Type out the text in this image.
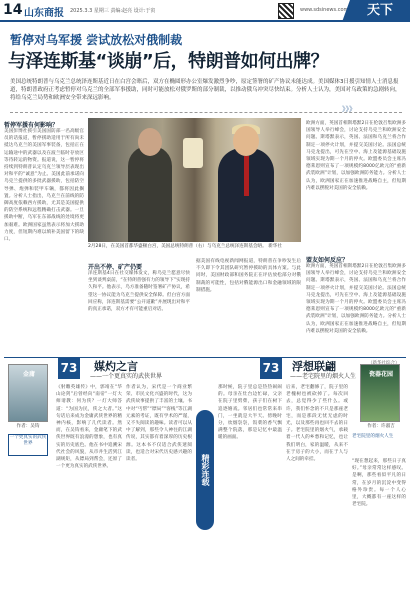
14 山东商报 2025.3.3 星期三 责编:赵亮 设计:于寅	www.sdsinews.com	天下
暂停对乌军援 尝试放松对俄制裁
与泽连斯基“谈崩”后，特朗普如何出牌？
美国总统特朗普与乌克兰总统泽连斯基近日在白宫会晤后，双方在椭圆形办公室爆发激烈争吵，原定签署的矿产协议未能达成。美国媒体3日援引知情人士消息报道，特朗普政府正考虑暂停对乌克兰的全部军事援助，同时可能放松对俄罗斯的部分制裁，以推动俄乌冲突尽快结束。分析人士认为，美国对乌政策的急剧转向，将给乌克兰局势和欧洲安全带来深远影响。
》》》
暂停军援有何影响？
美国彭博社援引美国国防部一名高级官员的话报道，暂停援助适用于所有尚未抵达乌克兰的美国军事装备，包括正在运输途中的武器以及在波兰临时存放区等待转运的物资。报道说，这一暂停将持续到特朗普认定乌克兰领导层表现出对和平的“诚意”为止。美国此前承诺向乌克兰提供的多批武器援助，包括防空导弹、炮弹和装甲车辆，都将因此搁置。分析人士指出，乌克兰在前线的防御高度依赖西方援助，尤其是美国提供的防空系统和远程精确打击武器。一旦援助中断，乌军在东部战线的处境将更加艰难。欧洲国家虽然表示将加大援助力度，但短期内难以填补美国留下的缺口。
2月28日，在美国首都华盛顿白宫，美国总统特朗普（右）与乌克兰总统泽连斯基会晤。 新华社
开出不停、矿产仍要
泽连斯基4日在社交媒体发文，称乌克兰愿意尽快坐到谈判桌前，“在特朗普强有力的领导下”实现持久和平。他表示，乌方准备随时签署矿产协议，希望这一协议能为乌克兰提供安全保障。但白宫方面回应称，泽连斯基需要“公开道歉”并展现出对和平的真正承诺，双方才有可能重启对话。
据美国有线电视新闻网报道，特朗普在争吵发生后不久即下令其团队研究暂停援助的具体方案。与此同时，美国财政部和国务院正在评估放松部分对俄制裁的可能性，包括对俄能源出口和金融领域的限制措施。
欧洲方面，英国首相斯塔默2日在伦敦召集欧洲多国领导人举行峰会，讨论支持乌克兰和欧洲安全问题。斯塔默表示，英国、法国和乌克兰将合作制定一项停火计划，并提交美国讨论。法国总统马克龙提出，可先在空中、海上及能源基础设施领域实现为期一个月的停火。欧盟委员会主席冯德莱恩则宣布了一项规模约8000亿欧元的“重新武装欧洲”计划，以加强欧洲防务能力。分析人士认为，欧洲国家正在加速推进战略自主，但短期内难以摆脱对美国的安全依赖。
盟友如何反应？
欧洲方面，英国首相斯塔默2日在伦敦召集欧洲多国领导人举行峰会，讨论支持乌克兰和欧洲安全问题。斯塔默表示，英国、法国和乌克兰将合作制定一项停火计划，并提交美国讨论。法国总统马克龙提出，可先在空中、海上及能源基础设施领域实现为期一个月的停火。欧盟委员会主席冯德莱恩则宣布了一项规模约8000亿欧元的“重新武装欧洲”计划，以加强欧洲防务能力。分析人士认为，欧洲国家正在加速推进战略自主，但短期内难以摆脱对美国的安全依赖。
金庸
作者：吴钩
一个更真实的武侠世界
73 媒灼之言
——一个更真实的武侠世界
《射雕英雄传》中，郭靖在“华山论剑”后曾经向“南帝”一灯大师请教：何为侠？一灯大师答道：“为国为民，侠之大者。”这句话后来成为金庸武侠世界的精神内核，影响了几代读者。然而，在吴钩看来，金庸笔下的武侠世界既有浪漫的想象，也有真实的历史底色。他在书中追溯宋代社会的风貌，从市井生活到江湖规矩，从镖局到帮会，还原了一个更为真实的武侠世界。
作者认为，宋代是一个商业繁荣、市民文化兴盛的时代，这为武侠故事提供了丰富的土壤。书中对“丐帮”“镖局”“客栈”等江湖元素的考证，既有学术的严谨，又不失阅读的趣味。读者可以从中了解到，那些令人神往的江湖传说，其实都有着深厚的历史根源。这本书不仅适合武侠迷阅读，也适合对宋代历史感兴趣的读者。	精彩连载
73 浮想联翩
——老宅院里的烟火人生
那时候，院子里总是热热闹闹的。母亲在灶台边忙碌，父亲在院子里劈柴，孩子们在树下追逐嬉戏。邻居们也常常来串门，一坐就是大半天。傍晚时分，炊烟袅袅，饭菜的香气飘满整个院落，那是记忆中最温暖的画面。
后来，老宅翻修了，院子里的老槐树也被砍掉了。每次回去，总觉得少了些什么。或许，我们怀念的不只是那座老宅，而是那段无忧无虑的时光，以及那些再也回不去的日子。老宅院里的烟火气，承载着一代人的乡愁和记忆，也让我们明白，家的温暖，从来不在于房子的大小，而在于人与人之间的牵挂。
瓷器花园
作者：许淑吉
老宅院里的烟火人生
“现在想起来，那些日子真好。”母亲常常这样感叹。是啊，那些看似平凡的日常，在岁月的沉淀中变得格外珍贵。每一个人心里，大概都有一座这样的老宅院。
